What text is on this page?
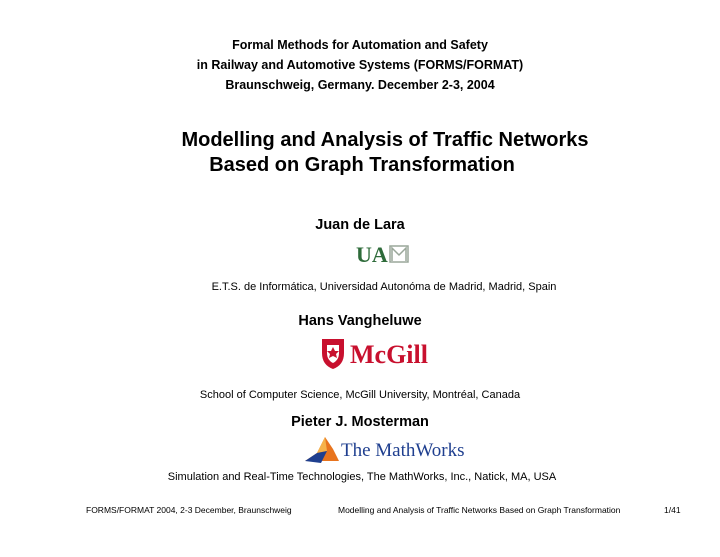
Formal Methods for Automation and Safety
in Railway and Automotive Systems (FORMS/FORMAT)
Braunschweig, Germany. December 2-3, 2004
Modelling and Analysis of Traffic Networks
Based on Graph Transformation
Juan de Lara
UA
E.T.S. de Informática, Universidad Autonóma de Madrid, Madrid, Spain
Hans Vangheluwe
McGill
School of Computer Science, McGill University, Montréal, Canada
Pieter J. Mosterman
The MathWorks
Simulation and Real-Time Technologies, The MathWorks, Inc., Natick, MA, USA
FORMS/FORMAT 2004, 2-3 December, Braunschweig	Modelling and Analysis of Traffic Networks Based on Graph Transformation	1/41
